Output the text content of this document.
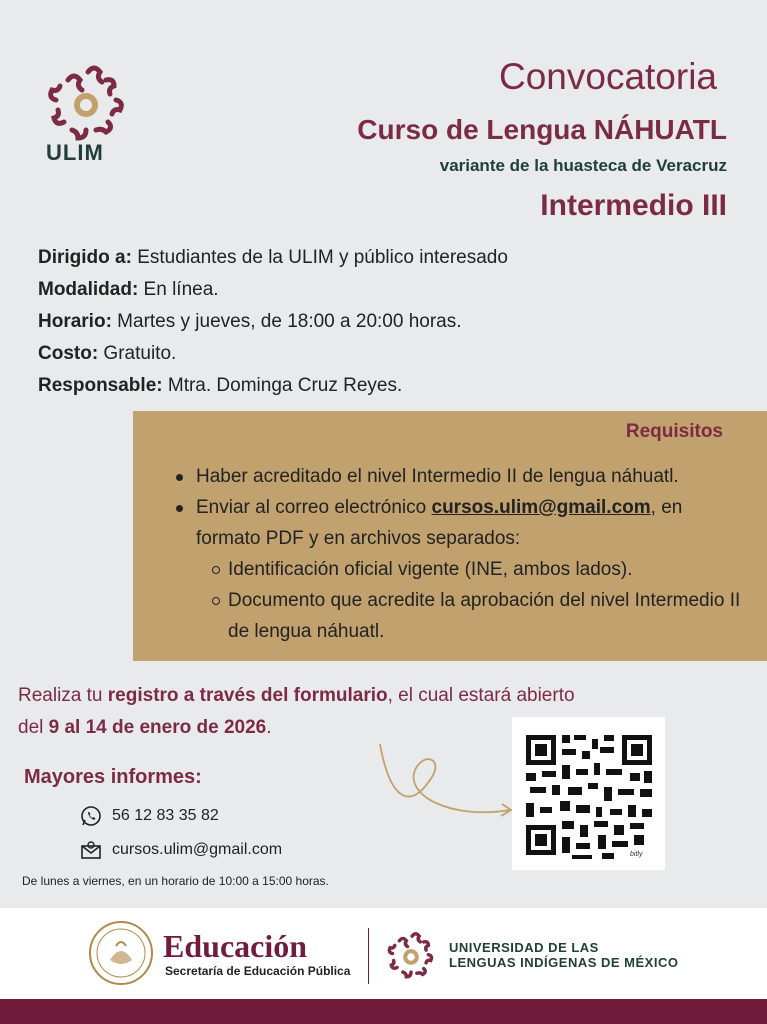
ULIM
Convocatoria
Curso de Lengua NÁHUATL
variante de la huasteca de Veracruz
Intermedio III
Dirigido a: Estudiantes de la ULIM y público interesado
Modalidad: En línea.
Horario: Martes y jueves, de 18:00 a 20:00 horas.
Costo: Gratuito.
Responsable: Mtra. Dominga Cruz Reyes.
Requisitos
Haber acreditado el nivel Intermedio II de lengua náhuatl.
Enviar al correo electrónico cursos.ulim@gmail.com, en formato PDF y en archivos separados:
Identificación oficial vigente (INE, ambos lados).
Documento que acredite la aprobación del nivel Intermedio II de lengua náhuatl.
Realiza tu registro a través del formulario, el cual estará abierto del 9 al 14 de enero de 2026.
Mayores informes:
56 12 83 35 82
cursos.ulim@gmail.com
De lunes a viernes, en un horario de 10:00 a 15:00 horas.
bitly
Educación
Secretaría de Educación Pública
UNIVERSIDAD DE LAS
LENGUAS INDÍGENAS DE MÉXICO
